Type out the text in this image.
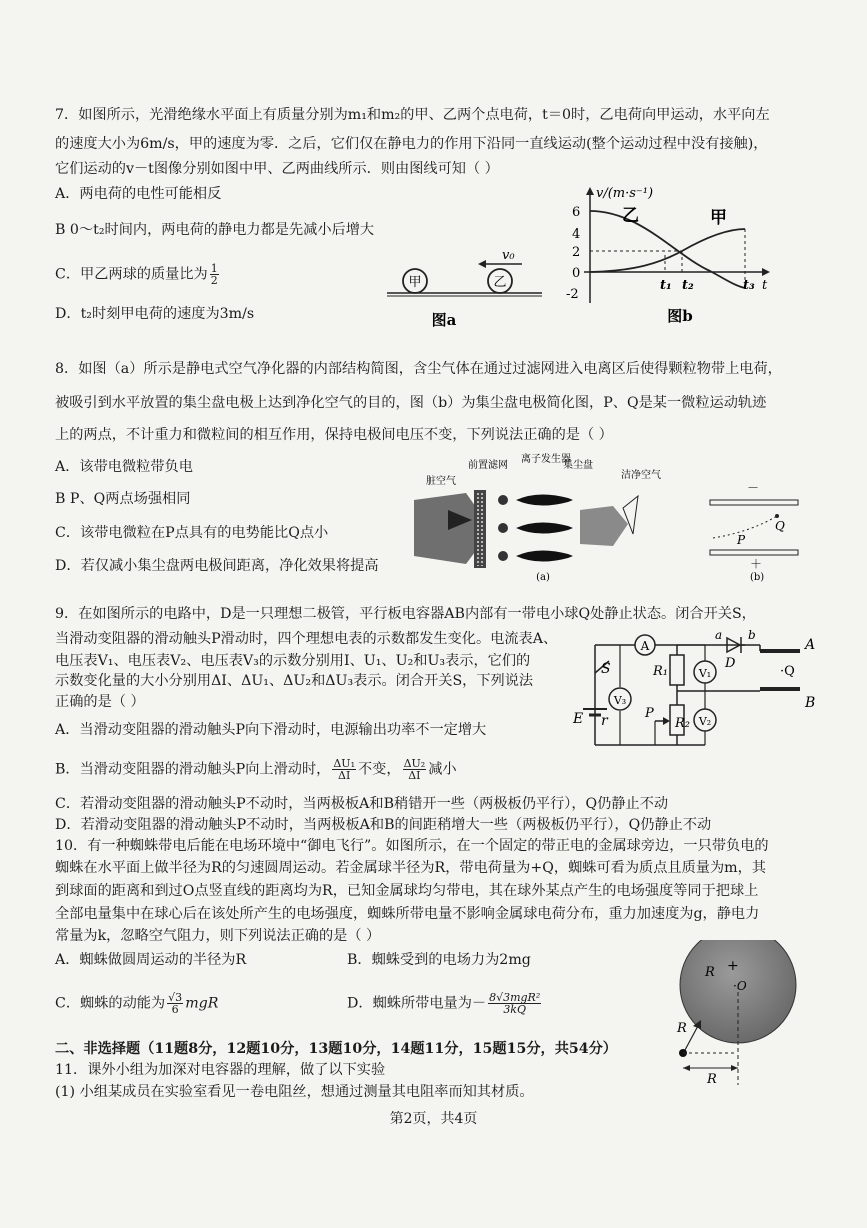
7．如图所示，光滑绝缘水平面上有质量分别为m₁和m₂的甲、乙两个点电荷，t＝0时，乙电荷向甲运动，水平向左
的速度大小为6m/s，甲的速度为零．之后，它们仅在静电力的作用下沿同一直线运动(整个运动过程中没有接触)，
它们运动的v－t图像分别如图中甲、乙两曲线所示．则由图线可知（ ）
A．两电荷的电性可能相反
B 0～t₂时间内，两电荷的静电力都是先减小后增大
C．甲乙两球的质量比为 $\frac{1}{2}$
D．t₂时刻甲电荷的速度为3m/s
甲	乙
v₀
图a
v/(m·s⁻¹)
6
4
2
0
-2
乙	甲
t₁ t₂	t₃ t
图b
8．如图（a）所示是静电式空气净化器的内部结构简图，含尘气体在通过过滤网进入电离区后使得颗粒物带上电荷，
被吸引到水平放置的集尘盘电极上达到净化空气的目的，图（b）为集尘盘电极简化图，P、Q是某一微粒运动轨迹
上的两点，不计重力和微粒间的相互作用，保持电极间电压不变，下列说法正确的是（ ）
A．该带电微粒带负电
B P、Q两点场强相同
C．该带电微粒在P点具有的电势能比Q点小
D．若仅减小集尘盘两电极间距离，净化效果将提高
脏空气
前置滤网
离子发生器
集尘盘
洁净空气
(a)
－
P
Q
＋
(b)
9．在如图所示的电路中，D是一只理想二极管，平行板电容器AB内部有一带电小球Q处静止状态。闭合开关S，
当滑动变阻器的滑动触头P滑动时，四个理想电表的示数都发生变化。电流表A、
电压表V₁、电压表V₂、电压表V₃的示数分别用I、U₁、U₂和U₃表示，它们的
示数变化量的大小分别用ΔI、ΔU₁、ΔU₂和ΔU₃表示。闭合开关S，下列说法
正确的是（ ）
A．当滑动变阻器的滑动触头P向下滑动时，电源输出功率不一定增大
B．当滑动变阻器的滑动触头P向上滑动时， $\frac{\text{ΔU₁}}{\Delta I}$ 不变， $\frac{\text{ΔU₂}}{\Delta I}$ 减小
C．若滑动变阻器的滑动触头P不动时，当两极板A和B稍错开一些（两极板仍平行），Q仍静止不动
D．若滑动变阻器的滑动触头P不动时，当两极板A和B的间距稍增大一些（两极板仍平行），Q仍静止不动
S
E r
V₃
A
R₁	V₁
R₂
P
V₂
a b
D
A
B
·Q
10．有一种蜘蛛带电后能在电场环境中“御电飞行”。如图所示，在一个固定的带正电的金属球旁边，一只带负电的
蜘蛛在水平面上做半径为R的匀速圆周运动。若金属球半径为R，带电荷量为+Q，蜘蛛可看为质点且质量为m，其
到球面的距离和到过O点竖直线的距离均为R，已知金属球均匀带电，其在球外某点产生的电场强度等同于把球上
全部电量集中在球心后在该处所产生的电场强度，蜘蛛所带电量不影响金属球电荷分布，重力加速度为g，静电力
常量为k，忽略空气阻力，则下列说法正确的是（ ）
A．蜘蛛做圆周运动的半径为R	B．蜘蛛受到的电场力为2mg
C．蜘蛛的动能为 $\frac{√3}{6}$ mgR	D．蜘蛛所带电量为－ $\frac{\text{8√3mgR²}}{3kQ}$
R +
·O
R
R
二、非选择题（11题8分，12题10分，13题10分，14题11分，15题15分，共54分）
11．课外小组为加深对电容器的理解，做了以下实验
(1) 小组某成员在实验室看见一卷电阻丝，想通过测量其电阻率而知其材质。
第2页，共4页
